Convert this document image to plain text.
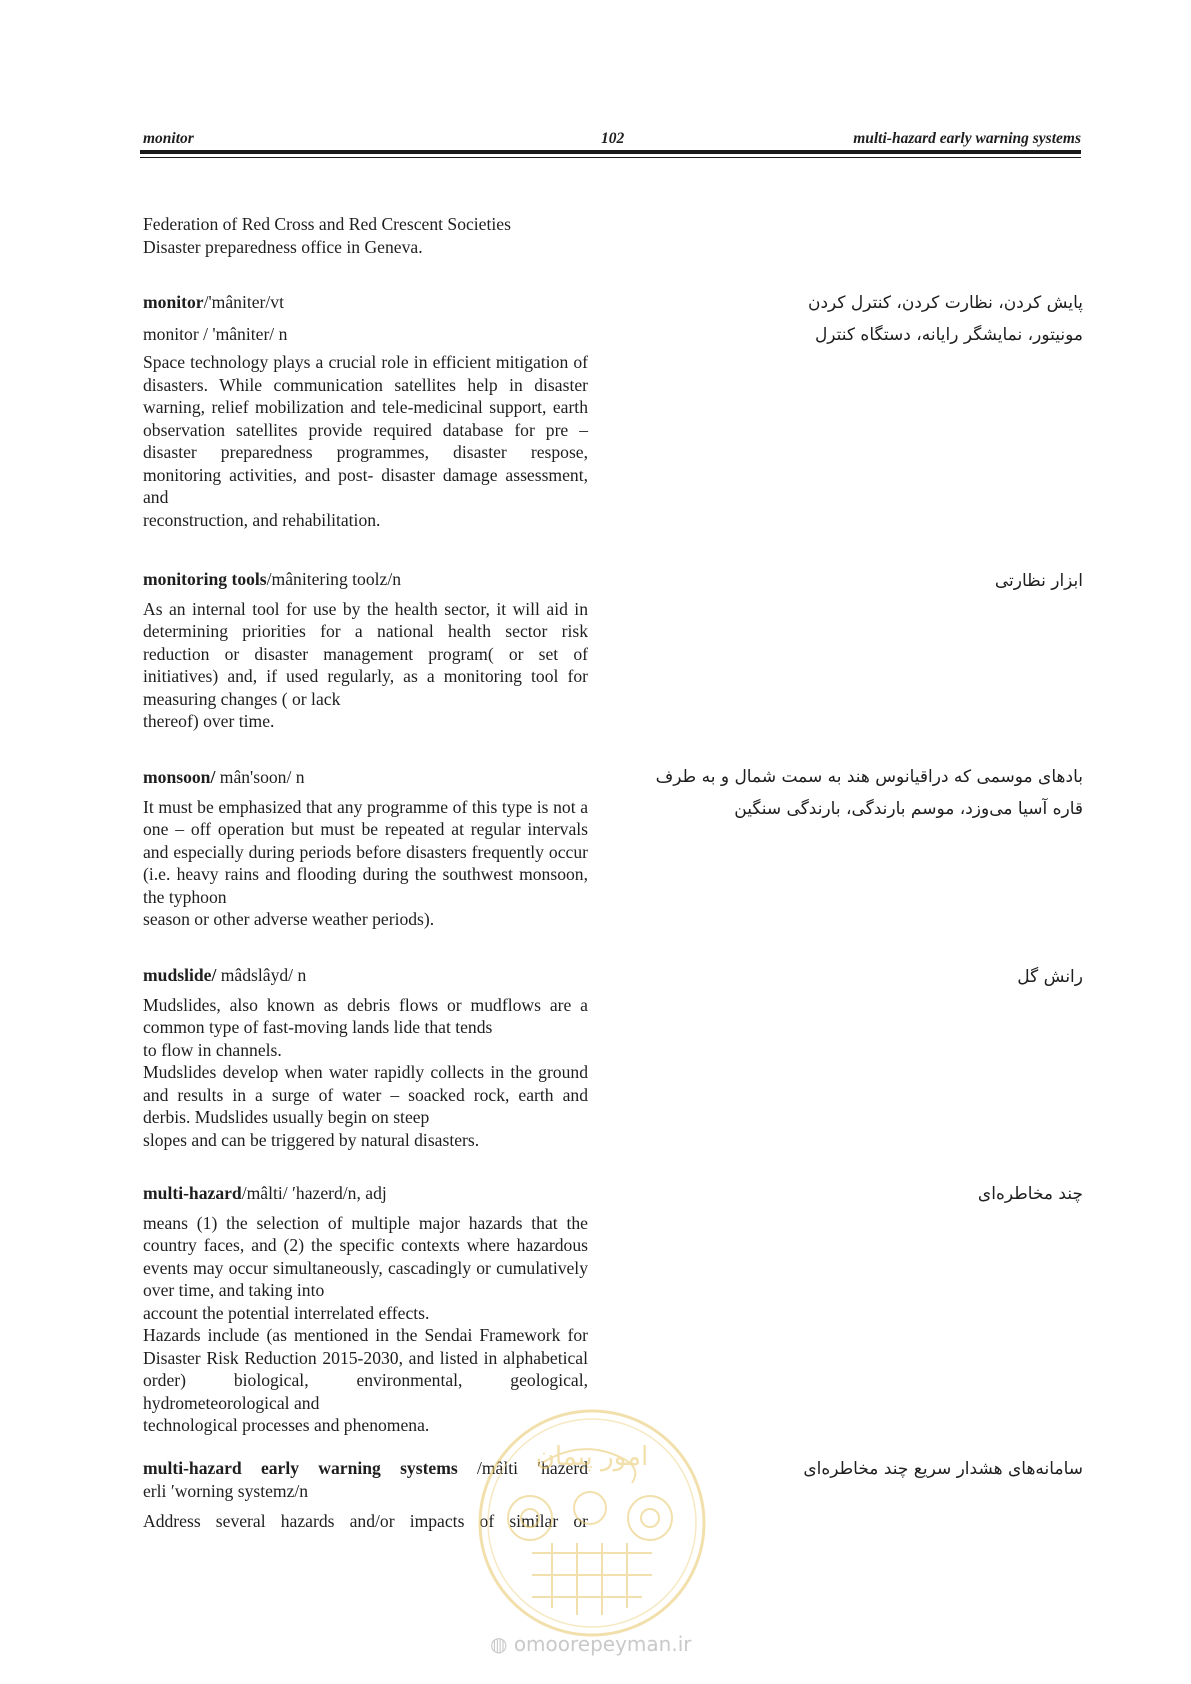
monitor	102	multi-hazard early warning systems
Federation of Red Cross and Red Crescent Societies
Disaster preparedness office in Geneva.
monitor/'mâniter/vt
monitor / 'mâniter/ n
Space technology plays a crucial role in efficient mitigation of disasters. While communication satellites help in disaster warning, relief mobilization and tele-medicinal support, earth observation satellites provide required database for pre – disaster preparedness programmes, disaster respose, monitoring activities, and post- disaster damage assessment, and
reconstruction, and rehabilitation.
پایش کردن، نظارت کردن، کنترل کردن
مونیتور، نمایشگر رایانه، دستگاه کنترل
monitoring tools/mânitering toolz/n
As an internal tool for use by the health sector, it will aid in determining priorities for a national health sector risk reduction or disaster management program( or set of initiatives) and, if used regularly, as a monitoring tool for measuring changes ( or lack
thereof) over time.
ابزار نظارتی
monsoon/ mân'soon/ n
It must be emphasized that any programme of this type is not a one – off operation but must be repeated at regular intervals and especially during periods before disasters frequently occur (i.e. heavy rains and flooding during the southwest monsoon, the typhoon
season or other adverse weather periods).
بادهای موسمی که دراقیانوس هند به سمت شمال و به طرف
قاره آسیا می‌وزد، موسم بارندگی، بارندگی سنگین
mudslide/ mâdslâyd/ n
Mudslides, also known as debris flows or mudflows are a common type of fast-moving lands lide that tends
to flow in channels.
Mudslides develop when water rapidly collects in the ground and results in a surge of water – soacked rock, earth and derbis. Mudslides usually begin on steep
slopes and can be triggered by natural disasters.
رانش گل
multi-hazard/mâlti/ ′hazerd/n, adj
means (1) the selection of multiple major hazards that the country faces, and (2) the specific contexts where hazardous events may occur simultaneously, cascadingly or cumulatively over time, and taking into
account the potential interrelated effects.
Hazards include (as mentioned in the Sendai Framework for Disaster Risk Reduction 2015-2030, and listed in alphabetical order) biological, environmental, geological, hydrometeorological and
technological processes and phenomena.
چند مخاطره‌ای
multi-hazard early warning systems /mâlti ′hazerd
erli ′worning systemz/n
Address several hazards and/or impacts of similar or
سامانه‌های هشدار سریع چند مخاطره‌ای
امور پیمان
◍ omoorepeyman.ir
